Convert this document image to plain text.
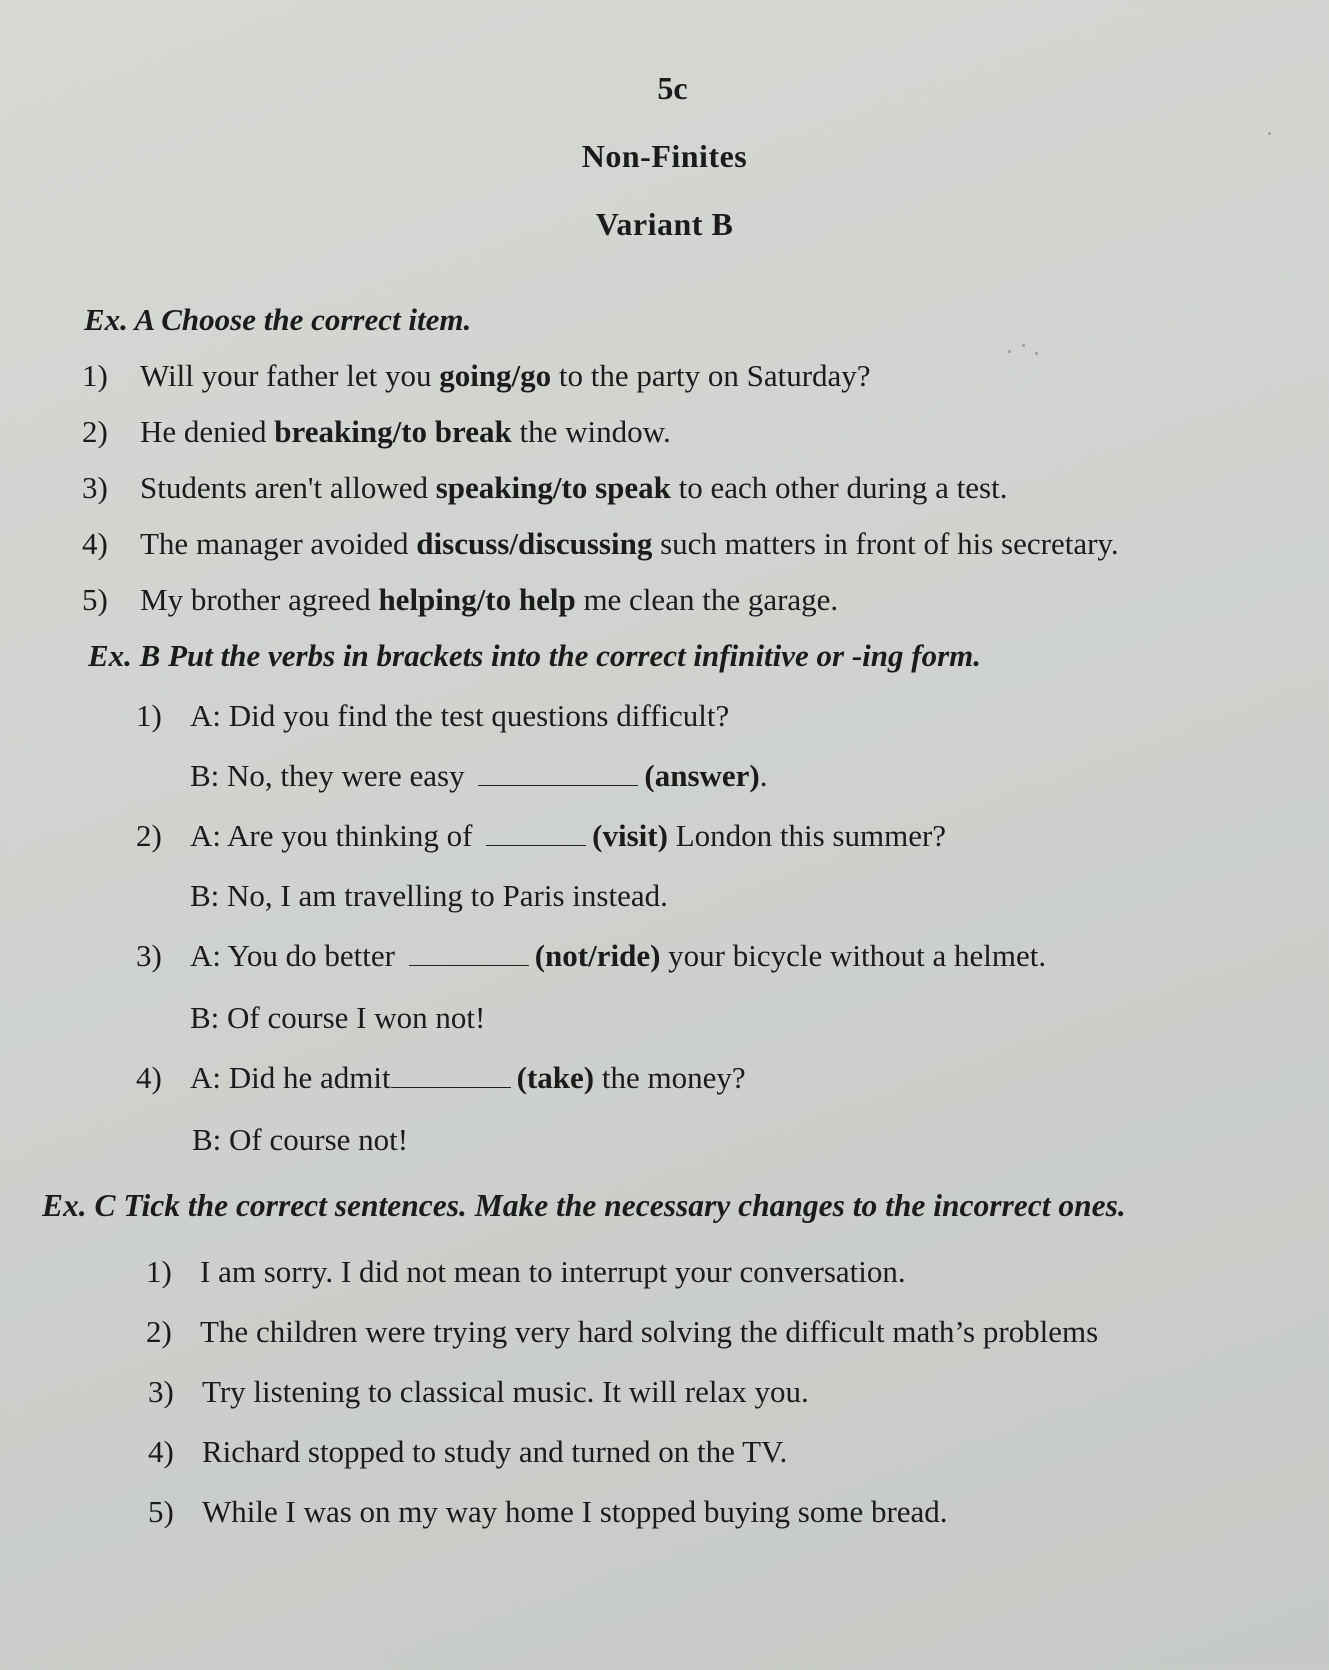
5c
Non-Finites
Variant B
Ex. A Choose the correct item.
1) Will your father let you going/go to the party on Saturday?
2) He denied breaking/to break the window.
3) Students aren't allowed speaking/to speak to each other during a test.
4) The manager avoided discuss/discussing such matters in front of his secretary.
5) My brother agreed helping/to help me clean the garage.
Ex. B Put the verbs in brackets into the correct infinitive or -ing form.
1) A: Did you find the test questions difficult?
B: No, they were easy	(answer).
2) A: Are you thinking of	(visit) London this summer?
B: No, I am travelling to Paris instead.
3) A: You do better	(not/ride) your bicycle without a helmet.
B: Of course I won not!
4) A: Did he admit	(take) the money?
B: Of course not!
Ex. C Tick the correct sentences. Make the necessary changes to the incorrect ones.
1) I am sorry. I did not mean to interrupt your conversation.
2) The children were trying very hard solving the difficult math’s problems
3) Try listening to classical music. It will relax you.
4) Richard stopped to study and turned on the TV.
5) While I was on my way home I stopped buying some bread.
